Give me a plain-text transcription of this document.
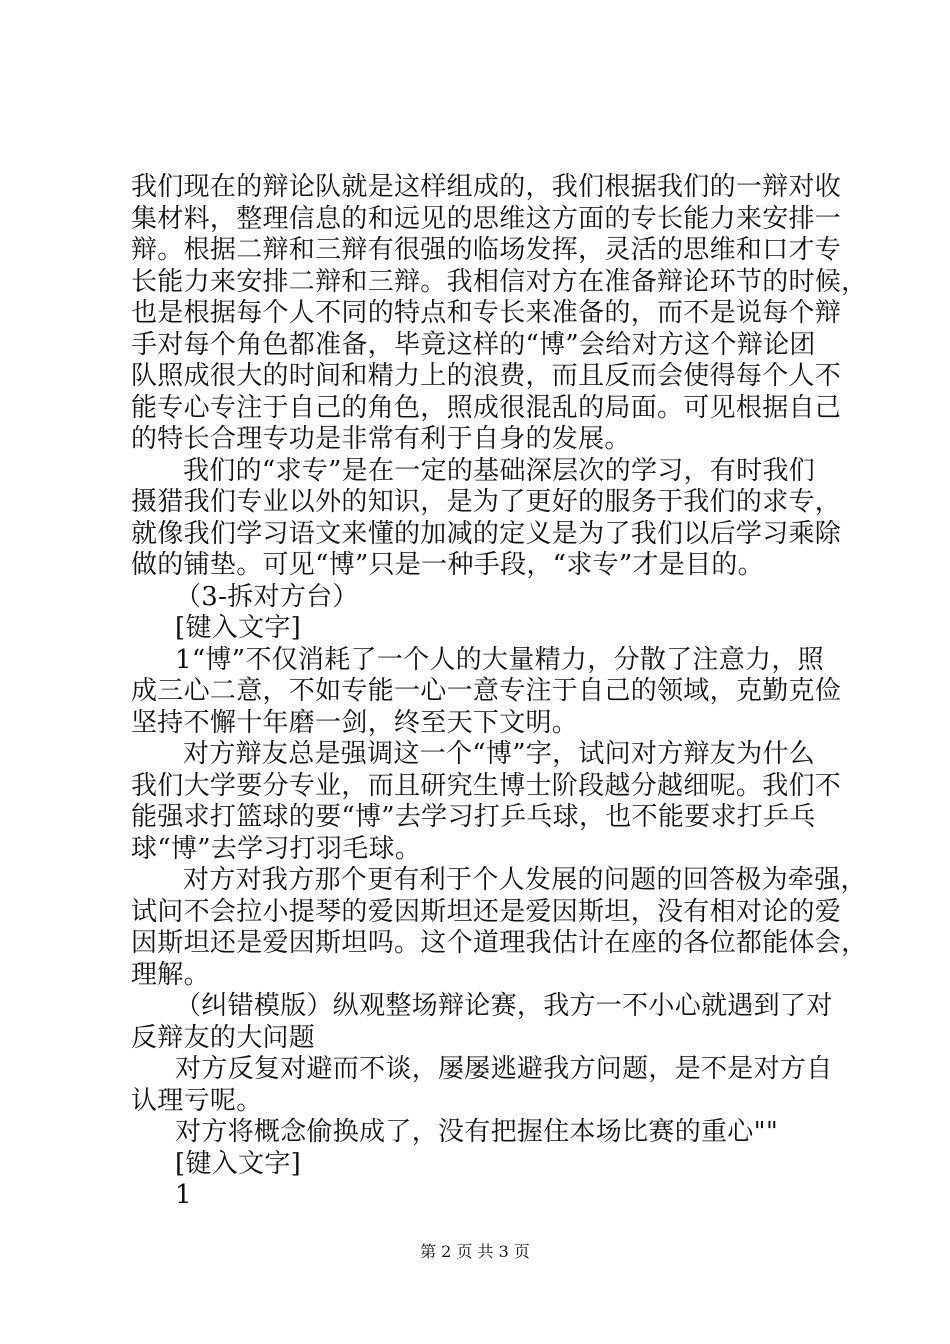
我们现在的辩论队就是这样组成的，我们根据我们的一辩对收
集材料，整理信息的和远见的思维这方面的专长能力来安排一
辩。根据二辩和三辩有很强的临场发挥，灵活的思维和口才专
长能力来安排二辩和三辩。我相信对方在准备辩论环节的时候，
也是根据每个人不同的特点和专长来准备的，而不是说每个辩
手对每个角色都准备，毕竟这样的“博”会给对方这个辩论团
队照成很大的时间和精力上的浪费，而且反而会使得每个人不
能专心专注于自己的角色，照成很混乱的局面。可见根据自己
的特长合理专功是非常有利于自身的发展。
我们的“求专”是在一定的基础深层次的学习，有时我们
摄猎我们专业以外的知识，是为了更好的服务于我们的求专，
就像我们学习语文来懂的加减的定义是为了我们以后学习乘除
做的铺垫。可见“博”只是一种手段，“求专”才是目的。
（3-拆对方台）
[键入文字]
1“博”不仅消耗了一个人的大量精力，分散了注意力，照
成三心二意，不如专能一心一意专注于自己的领域，克勤克俭
坚持不懈十年磨一剑，终至天下文明。
对方辩友总是强调这一个“博”字，试问对方辩友为什么
我们大学要分专业，而且研究生博士阶段越分越细呢。我们不
能强求打篮球的要“博”去学习打乒乓球，也不能要求打乒乓
球“博”去学习打羽毛球。
对方对我方那个更有利于个人发展的问题的回答极为牵强，
试问不会拉小提琴的爱因斯坦还是爱因斯坦，没有相对论的爱
因斯坦还是爱因斯坦吗。这个道理我估计在座的各位都能体会，
理解。
（纠错模版）纵观整场辩论赛，我方一不小心就遇到了对
反辩友的大问题
对方反复对避而不谈，屡屡逃避我方问题，是不是对方自
认理亏呢。
对方将概念偷换成了，没有把握住本场比赛的重心""
[键入文字]
1
第 2 页 共 3 页
